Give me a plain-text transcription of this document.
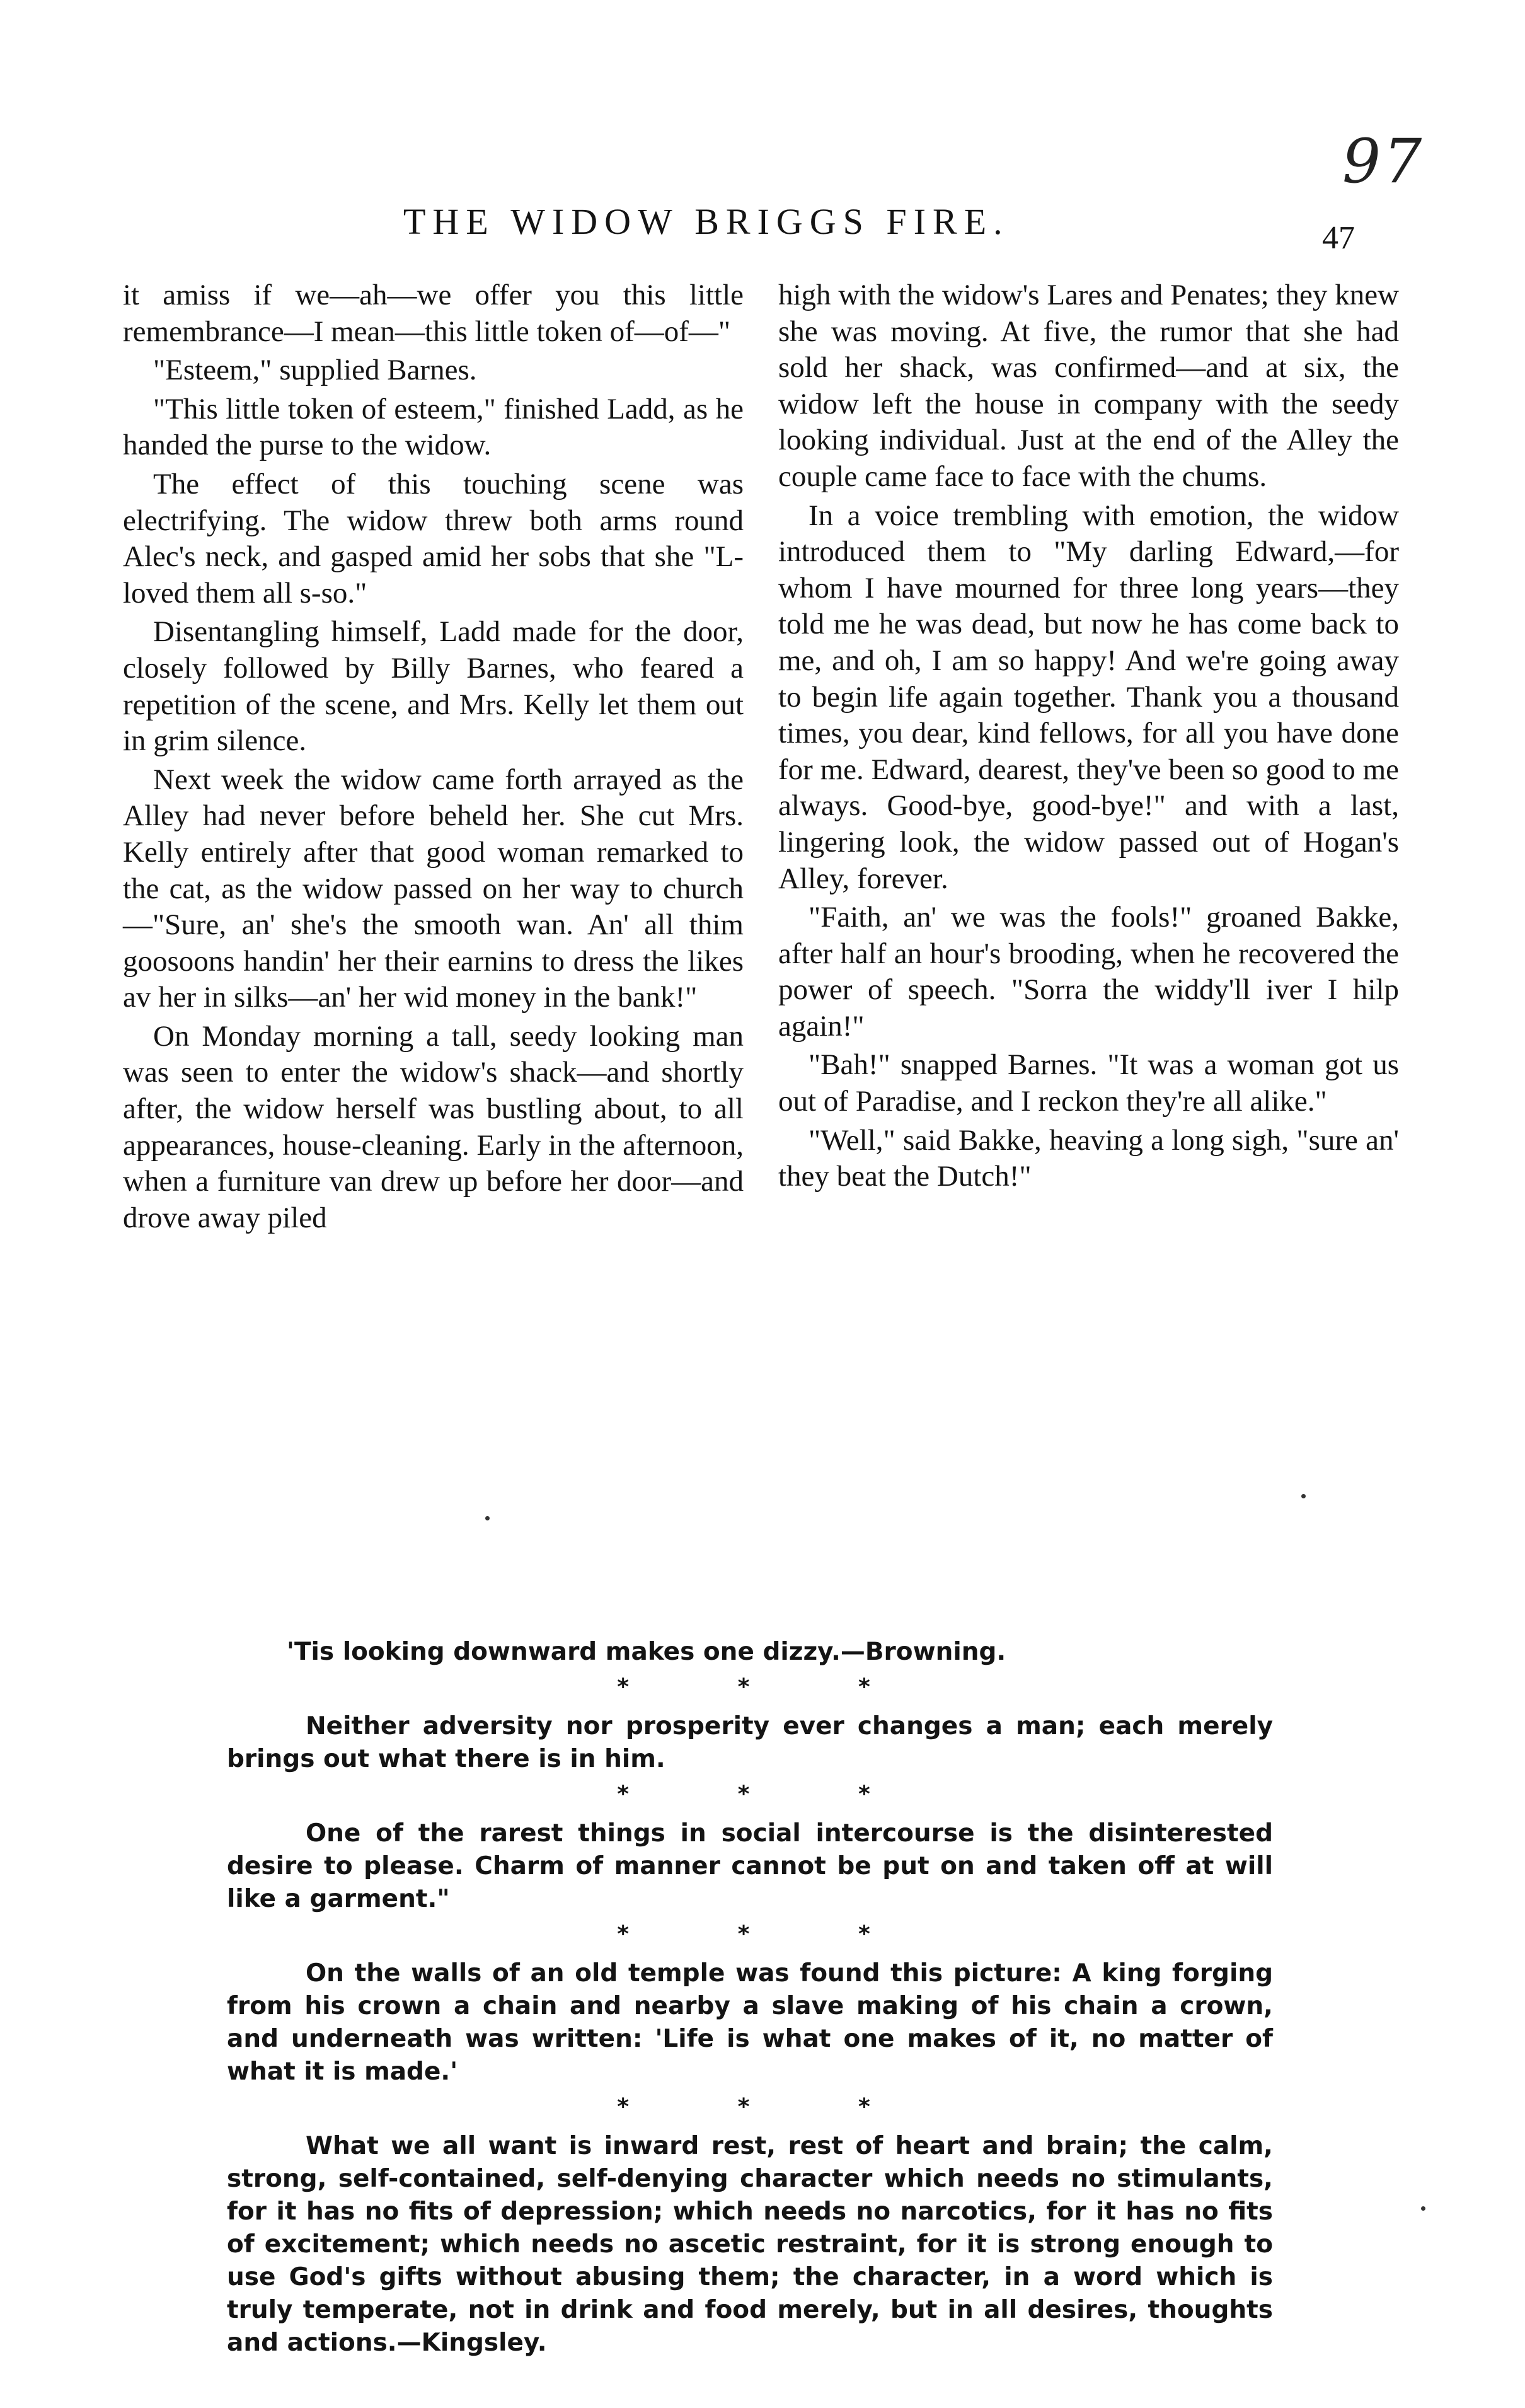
97
THE WIDOW BRIGGS FIRE.	47

it amiss if we—ah—we offer you this little remembrance—I mean—this little token of—of—"

"Esteem," supplied Barnes.

"This little token of esteem," finished Ladd, as he handed the purse to the widow.

The effect of this touching scene was electrifying. The widow threw both arms round Alec's neck, and gasped amid her sobs that she "L-loved them all s-so."

Disentangling himself, Ladd made for the door, closely followed by Billy Barnes, who feared a repetition of the scene, and Mrs. Kelly let them out in grim silence.

Next week the widow came forth arrayed as the Alley had never before beheld her. She cut Mrs. Kelly entirely after that good woman remarked to the cat, as the widow passed on her way to church—"Sure, an' she's the smooth wan. An' all thim goosoons handin' her their earnins to dress the likes av her in silks—an' her wid money in the bank!"

On Monday morning a tall, seedy looking man was seen to enter the widow's shack—and shortly after, the widow herself was bustling about, to all appearances, house-cleaning. Early in the afternoon, when a furniture van drew up before her door—and drove away piled

high with the widow's Lares and Penates; they knew she was moving. At five, the rumor that she had sold her shack, was confirmed—and at six, the widow left the house in company with the seedy looking individual. Just at the end of the Alley the couple came face to face with the chums.

In a voice trembling with emotion, the widow introduced them to "My darling Edward,—for whom I have mourned for three long years—they told me he was dead, but now he has come back to me, and oh, I am so happy! And we're going away to begin life again together. Thank you a thousand times, you dear, kind fellows, for all you have done for me. Edward, dearest, they've been so good to me always. Good-bye, good-bye!" and with a last, lingering look, the widow passed out of Hogan's Alley, forever.

"Faith, an' we was the fools!" groaned Bakke, after half an hour's brooding, when he recovered the power of speech. "Sorra the widdy'll iver I hilp again!"

"Bah!" snapped Barnes. "It was a woman got us out of Paradise, and I reckon they're all alike."

"Well," said Bakke, heaving a long sigh, "sure an' they beat the Dutch!"

'Tis looking downward makes one dizzy.—Browning.

* * *

Neither adversity nor prosperity ever changes a man; each merely brings out what there is in him.

* * *

One of the rarest things in social intercourse is the disinterested desire to please. Charm of manner cannot be put on and taken off at will like a garment."

* * *

On the walls of an old temple was found this picture: A king forging from his crown a chain and nearby a slave making of his chain a crown, and underneath was written: 'Life is what one makes of it, no matter of what it is made.'

* * *

What we all want is inward rest, rest of heart and brain; the calm, strong, self-contained, self-denying character which needs no stimulants, for it has no fits of depression; which needs no narcotics, for it has no fits of excitement; which needs no ascetic restraint, for it is strong enough to use God's gifts without abusing them; the character, in a word which is truly temperate, not in drink and food merely, but in all desires, thoughts and actions.—Kingsley.
